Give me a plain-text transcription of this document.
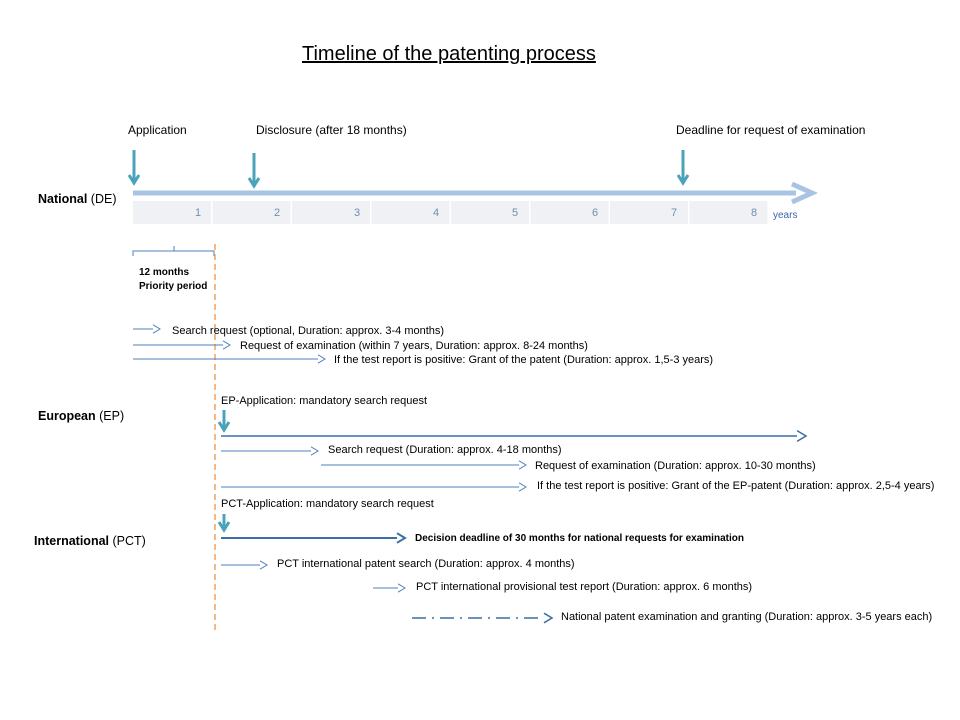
Timeline of the patenting process
Application	Disclosure (after 18 months)	Deadline for request of examination
National (DE)
European (EP)
International (PCT)
1	2	3	4	5	6	7	8 years
12 months
Priority period
Search request (optional, Duration: approx. 3-4 months)
Request of examination (within 7 years, Duration: approx. 8-24 months)
If the test report is positive: Grant of the patent (Duration: approx. 1,5-3 years)
EP-Application: mandatory search request
Search request (Duration: approx. 4-18 months)
Request of examination (Duration: approx. 10-30 months)
If the test report is positive: Grant of the EP-patent (Duration: approx. 2,5-4 years)
PCT-Application: mandatory search request
Decision deadline of 30 months for national requests for examination
PCT international patent search (Duration: approx. 4 months)
PCT international provisional test report (Duration: approx. 6 months)
National patent examination and granting (Duration: approx. 3-5 years each)
